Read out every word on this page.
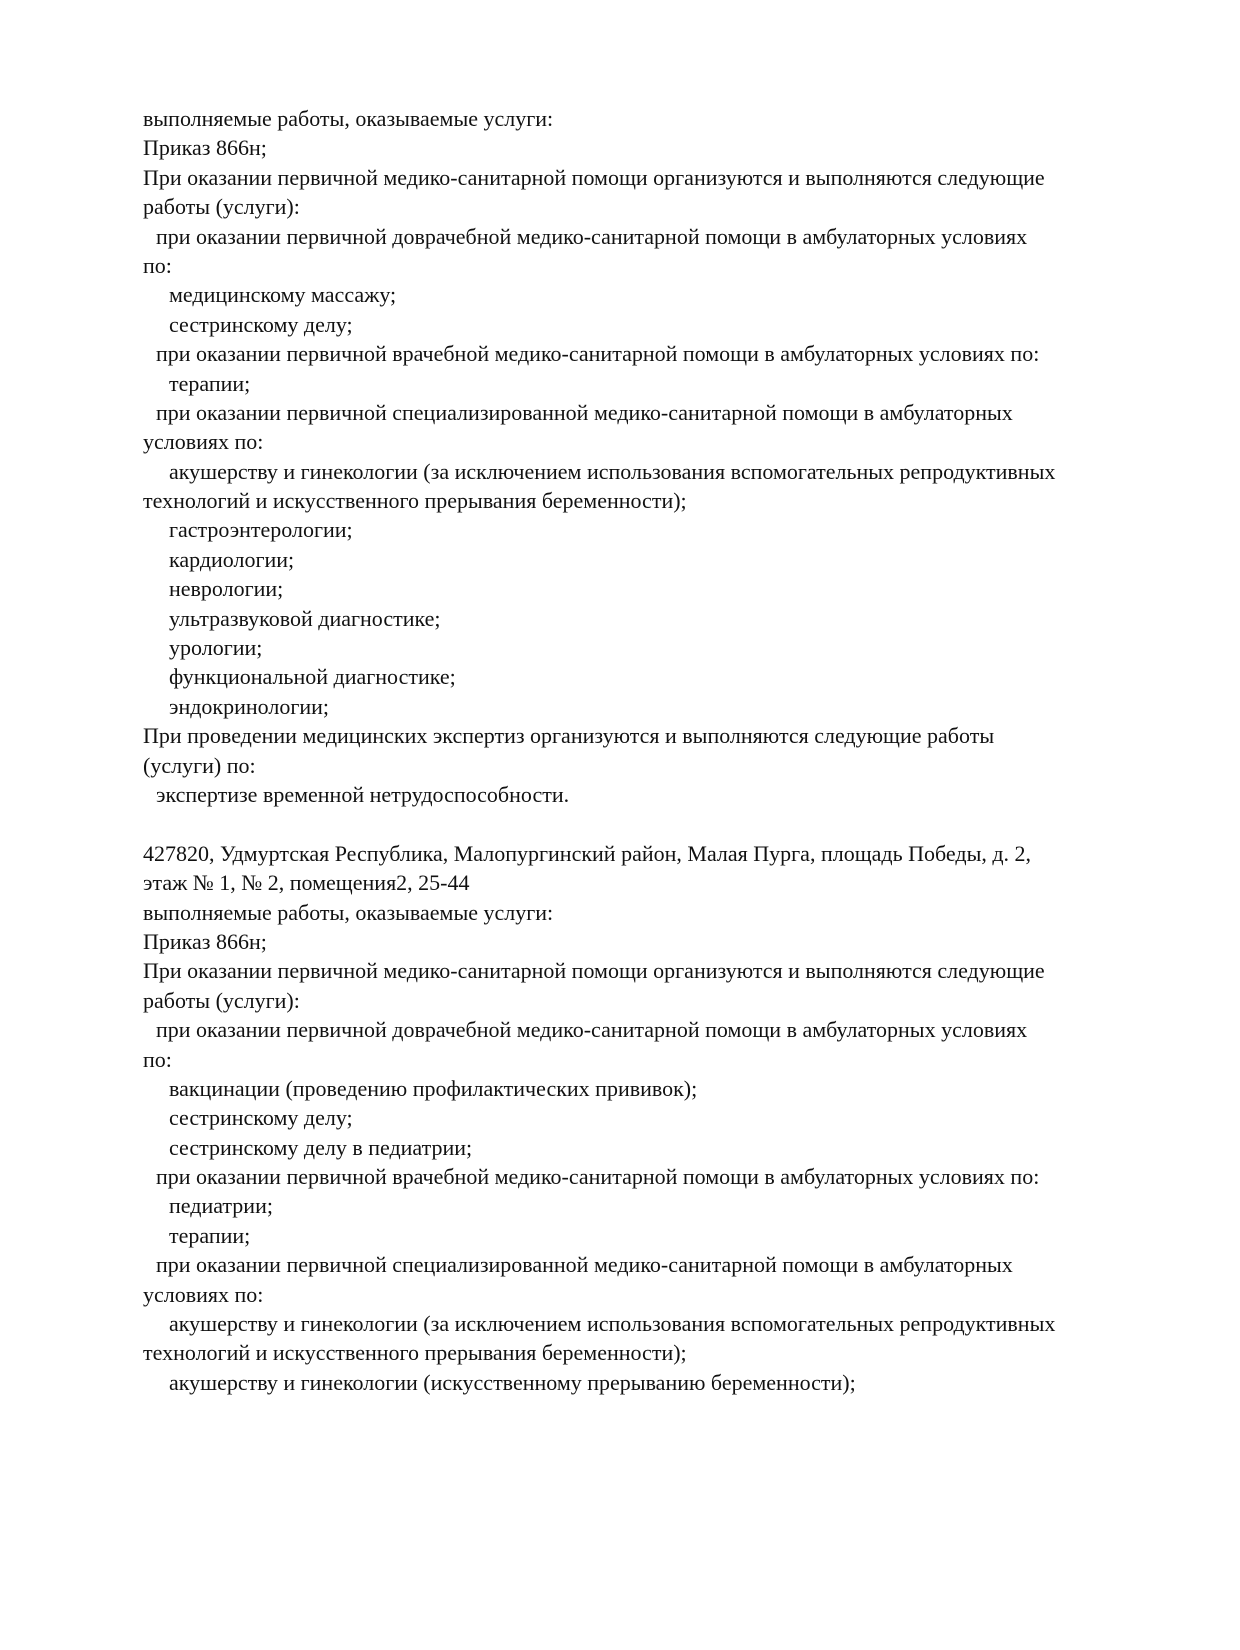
выполняемые работы, оказываемые услуги:
Приказ 866н;
При оказании первичной медико-санитарной помощи организуются и выполняются следующие
работы (услуги):
при оказании первичной доврачебной медико-санитарной помощи в амбулаторных условиях
по:
медицинскому массажу;
сестринскому делу;
при оказании первичной врачебной медико-санитарной помощи в амбулаторных условиях по:
терапии;
при оказании первичной специализированной медико-санитарной помощи в амбулаторных
условиях по:
акушерству и гинекологии (за исключением использования вспомогательных репродуктивных
технологий и искусственного прерывания беременности);
гастроэнтерологии;
кардиологии;
неврологии;
ультразвуковой диагностике;
урологии;
функциональной диагностике;
эндокринологии;
При проведении медицинских экспертиз организуются и выполняются следующие работы
(услуги) по:
экспертизе временной нетрудоспособности.
427820, Удмуртская Республика, Малопургинский район, Малая Пурга, площадь Победы, д. 2,
этаж № 1, № 2, помещения2, 25-44
выполняемые работы, оказываемые услуги:
Приказ 866н;
При оказании первичной медико-санитарной помощи организуются и выполняются следующие
работы (услуги):
при оказании первичной доврачебной медико-санитарной помощи в амбулаторных условиях
по:
вакцинации (проведению профилактических прививок);
сестринскому делу;
сестринскому делу в педиатрии;
при оказании первичной врачебной медико-санитарной помощи в амбулаторных условиях по:
педиатрии;
терапии;
при оказании первичной специализированной медико-санитарной помощи в амбулаторных
условиях по:
акушерству и гинекологии (за исключением использования вспомогательных репродуктивных
технологий и искусственного прерывания беременности);
акушерству и гинекологии (искусственному прерыванию беременности);
